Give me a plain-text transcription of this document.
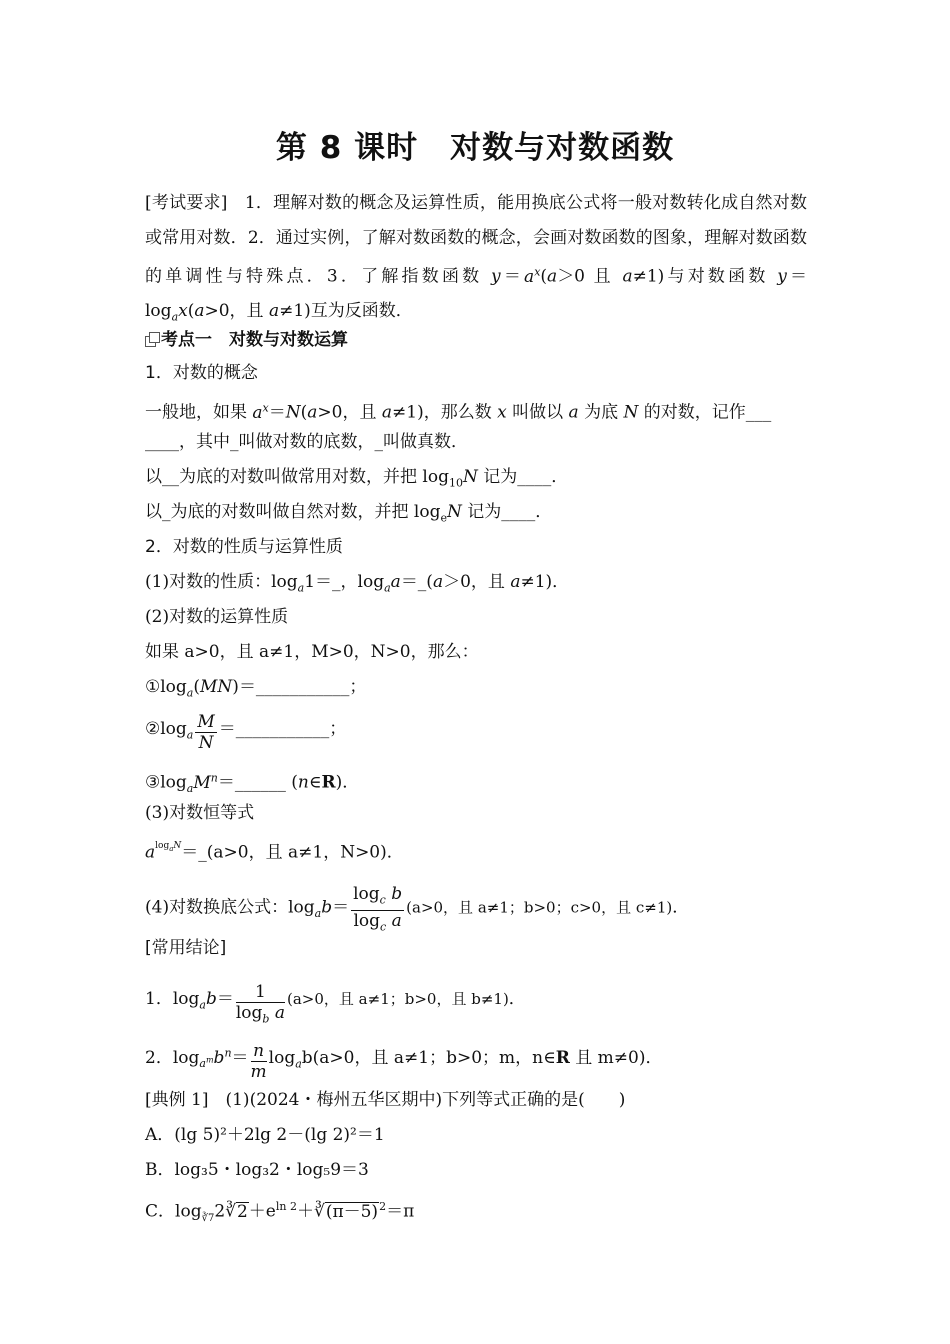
第 8 课时　对数与对数函数
[考试要求]　1．理解对数的概念及运算性质，能用换底公式将一般对数转化成自然对数或常用对数．2．通过实例，了解对数函数的概念，会画对数函数的图象，理解对数函数的单调性与特殊点．3．了解指数函数 $y=a^x(a>0$ 且 a≠1)与对数函数 $y=\log_ax(a>0$，且 a≠1)互为反函数．
考点一　对数与对数运算
1．对数的概念
一般地，如果 $a^x=N(a>0$，且 a≠1)，那么数 x 叫做以 a 为底 N 的对数，记作___
____，其中_叫做对数的底数，_叫做真数．
以__为底的对数叫做常用对数，并把 $\log_{10}N$ 记为____．
以_为底的对数叫做自然对数，并把 $\log_eN$ 记为____．
2．对数的性质与运算性质
(1)对数的性质：$\log_a1=\_$，$\log_aa=\_(a>0$，且 a≠1)．
(2)对数的运算性质
如果 a>0，且 a≠1，M>0，N>0，那么：
$①\log_a(MN)=\_\_\_\_\_\_\_\_\_\_\_$；
$②\log_a \frac{M}{N}$ ＝___________；
$③\log_aM^n=\_\_\_\_\_\_$ (n∈R)．
(3)对数恒等式
$a^{log_aN}=\_(a>0$，且 a≠1，N>0)．
(4)对数换底公式：$\log_ab= \frac{\log_c b}{\log_c a} (a>0$，且 a≠1；b>0；c>0，且 c≠1)．
[常用结论]
1．$\log_ab= \frac{1}{\log_b a} (a>0$，且 a≠1；b>0，且 b≠1)．
2．$\log_{a^m}b^n= \frac{n}{m} \log_ab(a>0$，且 a≠1；b>0；m，n∈R 且 m≠0)．
[典例 1]　(1)(2024・梅州五华区期中)下列等式正确的是(　　)
A．(lg 5)²＋2lg 2－(lg 2)²＝1
B．log₃5・log₃2・log₅9＝3
C．$\log_{∛7}2∛2+e^{ln 2}+∛(\pi-5)^2=\pi$
